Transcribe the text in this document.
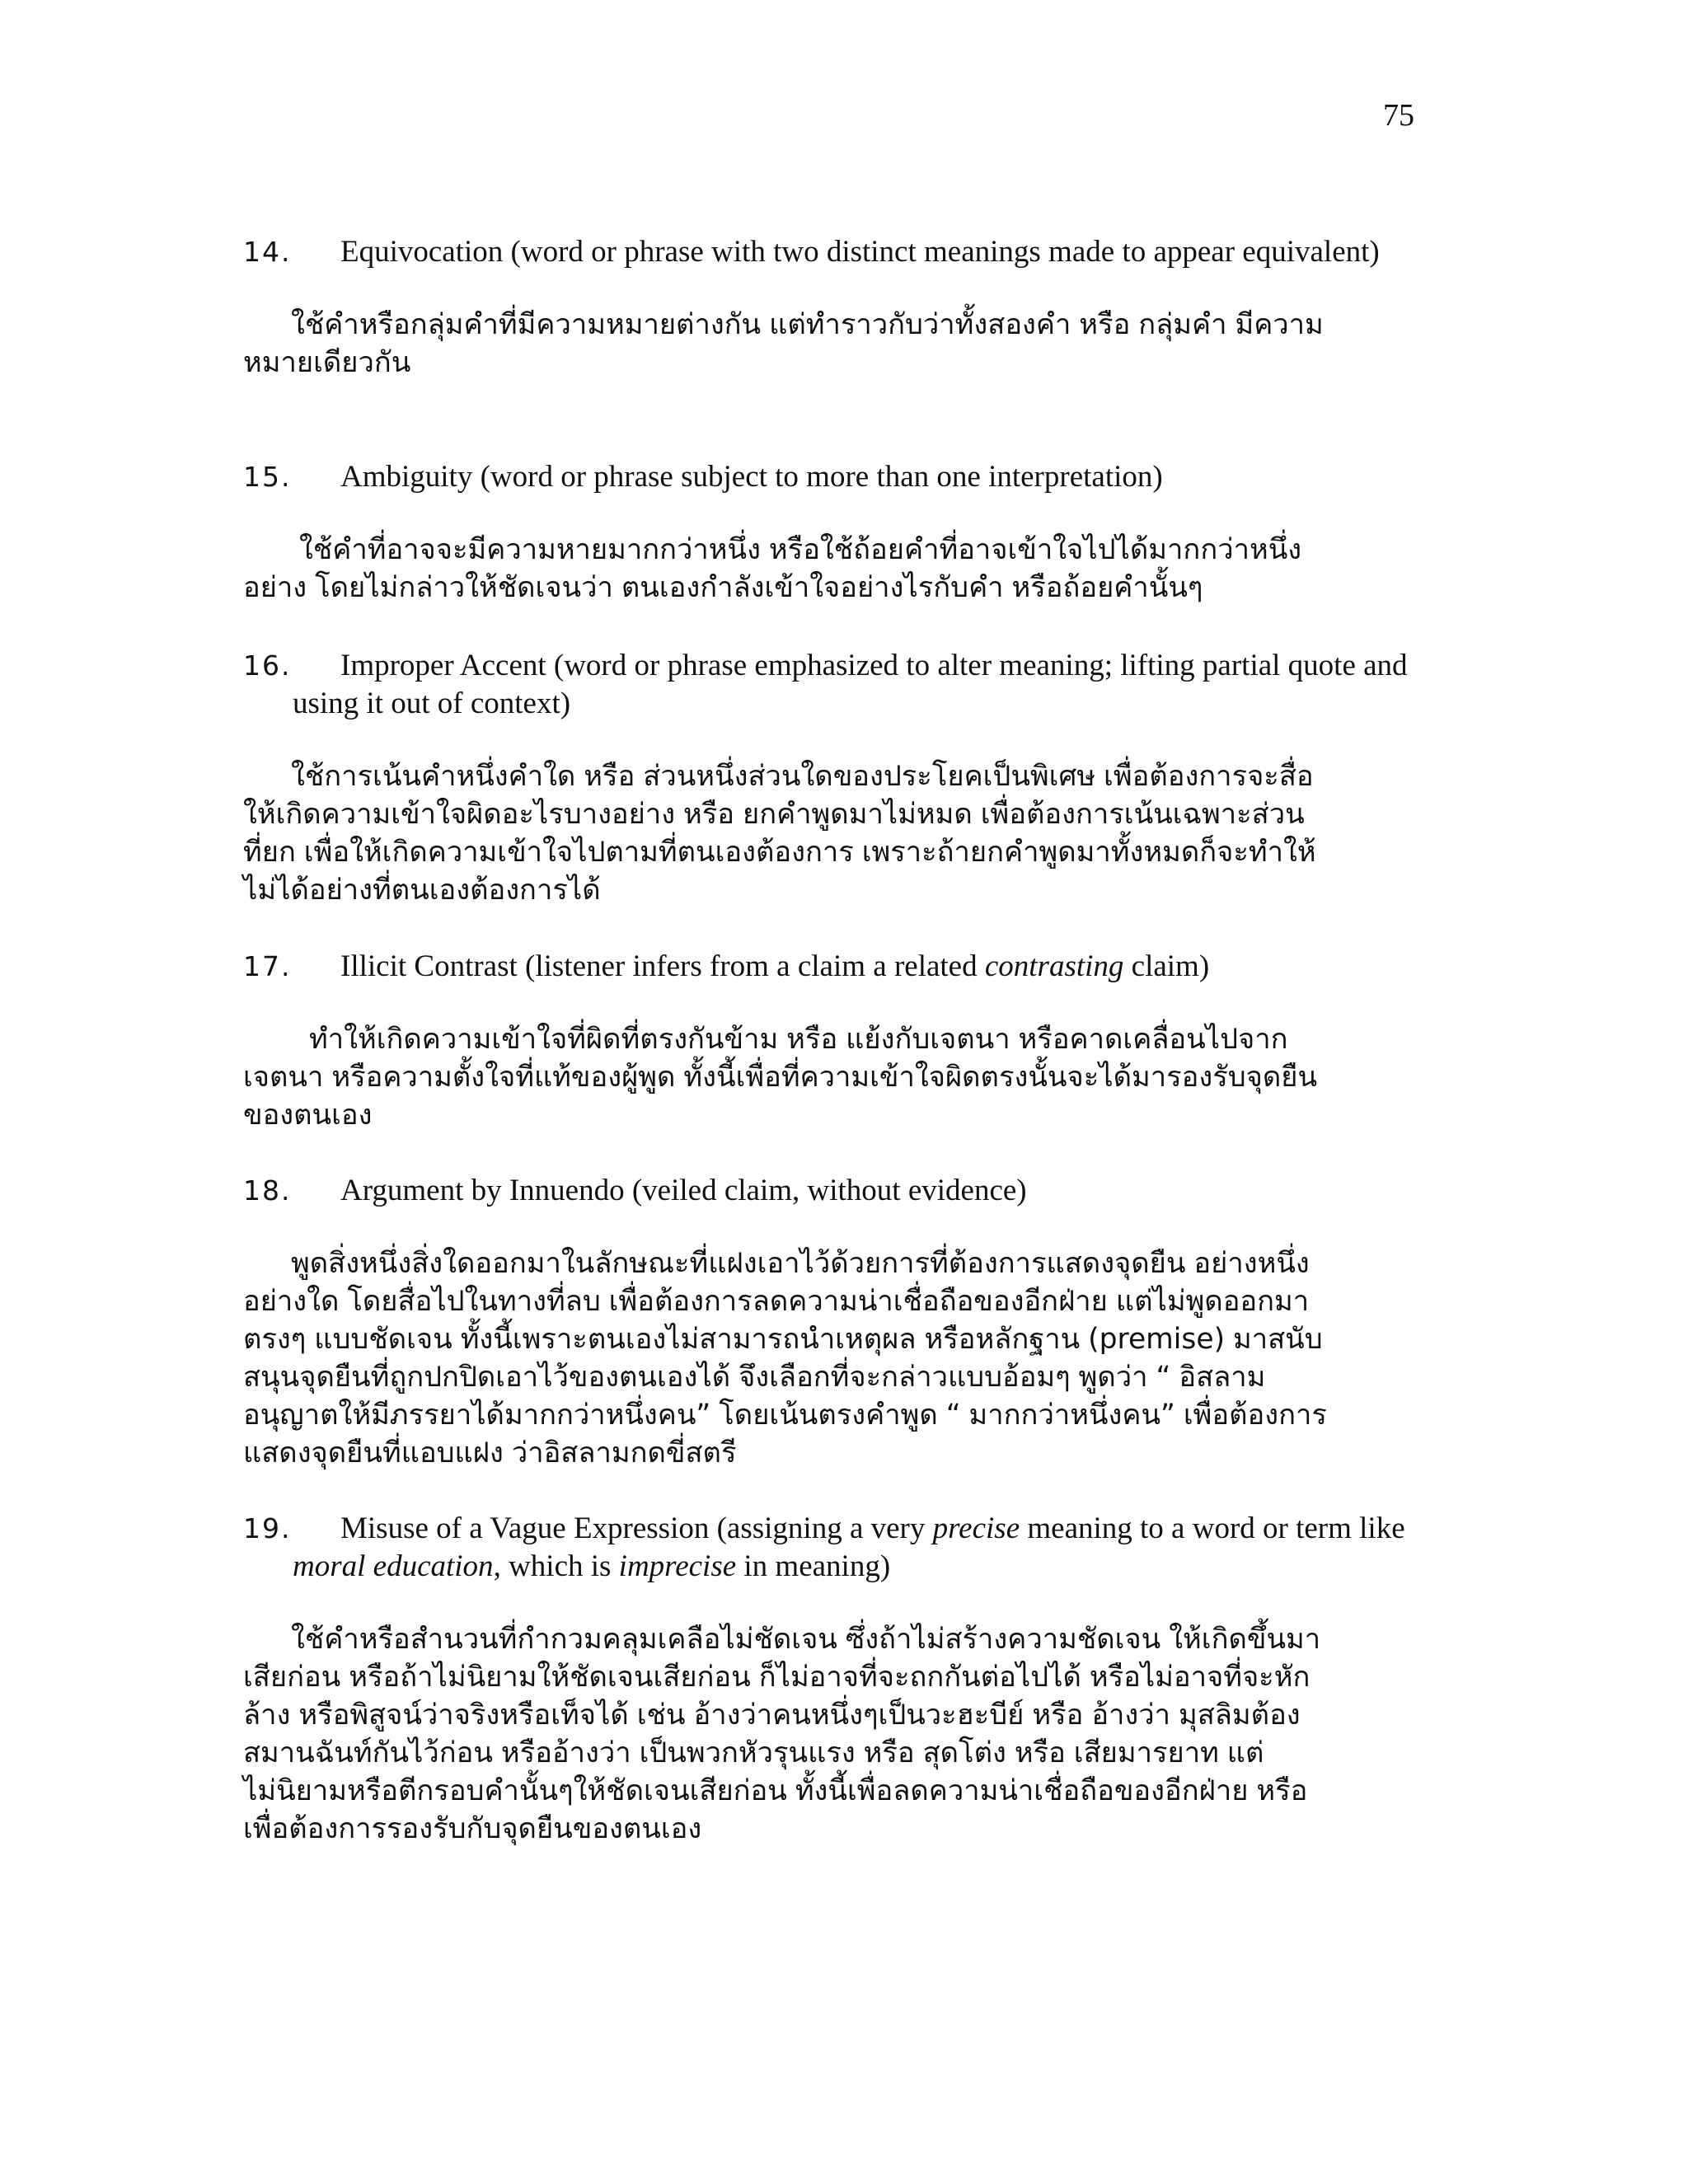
75
14. Equivocation (word or phrase with two distinct meanings made to appear equivalent)
ใช้คำหรือกลุ่มคำที่มีความหมายต่างกัน แต่ทำราวกับว่าทั้งสองคำ หรือ กลุ่มคำ มีความ
หมายเดียวกัน
15. Ambiguity (word or phrase subject to more than one interpretation)
ใช้คำที่อาจจะมีความหายมากกว่าหนึ่ง หรือใช้ถ้อยคำที่อาจเข้าใจไปได้มากกว่าหนึ่ง
อย่าง โดยไม่กล่าวให้ชัดเจนว่า ตนเองกำลังเข้าใจอย่างไรกับคำ หรือถ้อยคำนั้นๆ
16. Improper Accent (word or phrase emphasized to alter meaning; lifting partial quote and using it out of context)
ใช้การเน้นคำหนึ่งคำใด หรือ ส่วนหนึ่งส่วนใดของประโยคเป็นพิเศษ เพื่อต้องการจะสื่อ
ให้เกิดความเข้าใจผิดอะไรบางอย่าง หรือ ยกคำพูดมาไม่หมด เพื่อต้องการเน้นเฉพาะส่วน
ที่ยก เพื่อให้เกิดความเข้าใจไปตามที่ตนเองต้องการ เพราะถ้ายกคำพูดมาทั้งหมดก็จะทำให้
ไม่ได้อย่างที่ตนเองต้องการได้
17. Illicit Contrast (listener infers from a claim a related contrasting claim)
ทำให้เกิดความเข้าใจที่ผิดที่ตรงกันข้าม หรือ แย้งกับเจตนา หรือคาดเคลื่อนไปจาก
เจตนา หรือความตั้งใจที่แท้ของผู้พูด ทั้งนี้เพื่อที่ความเข้าใจผิดตรงนั้นจะได้มารองรับจุดยืน
ของตนเอง
18. Argument by Innuendo (veiled claim, without evidence)
พูดสิ่งหนึ่งสิ่งใดออกมาในลักษณะที่แฝงเอาไว้ด้วยการที่ต้องการแสดงจุดยืน อย่างหนึ่ง
อย่างใด โดยสื่อไปในทางที่ลบ เพื่อต้องการลดความน่าเชื่อถือของอีกฝ่าย แต่ไม่พูดออกมา
ตรงๆ แบบชัดเจน ทั้งนี้เพราะตนเองไม่สามารถนำเหตุผล หรือหลักฐาน (premise) มาสนับ
สนุนจุดยืนที่ถูกปกปิดเอาไว้ของตนเองได้ จึงเลือกที่จะกล่าวแบบอ้อมๆ พูดว่า “ อิสลาม
อนุญาตให้มีภรรยาได้มากกว่าหนึ่งคน” โดยเน้นตรงคำพูด “ มากกว่าหนึ่งคน” เพื่อต้องการ
แสดงจุดยืนที่แอบแฝง ว่าอิสลามกดขี่สตรี
19. Misuse of a Vague Expression (assigning a very precise meaning to a word or term like moral education, which is imprecise in meaning)
ใช้คำหรือสำนวนที่กำกวมคลุมเคลือไม่ชัดเจน ซึ่งถ้าไม่สร้างความชัดเจน ให้เกิดขึ้นมา
เสียก่อน หรือถ้าไม่นิยามให้ชัดเจนเสียก่อน ก็ไม่อาจที่จะถกกันต่อไปได้ หรือไม่อาจที่จะหัก
ล้าง หรือพิสูจน์ว่าจริงหรือเท็จได้ เช่น อ้างว่าคนหนึ่งๆเป็นวะฮะบีย์ หรือ อ้างว่า มุสลิมต้อง
สมานฉันท์กันไว้ก่อน หรืออ้างว่า เป็นพวกหัวรุนแรง หรือ สุดโต่ง หรือ เสียมารยาท แต่
ไม่นิยามหรือตีกรอบคำนั้นๆให้ชัดเจนเสียก่อน ทั้งนี้เพื่อลดความน่าเชื่อถือของอีกฝ่าย หรือ
เพื่อต้องการรองรับกับจุดยืนของตนเอง
